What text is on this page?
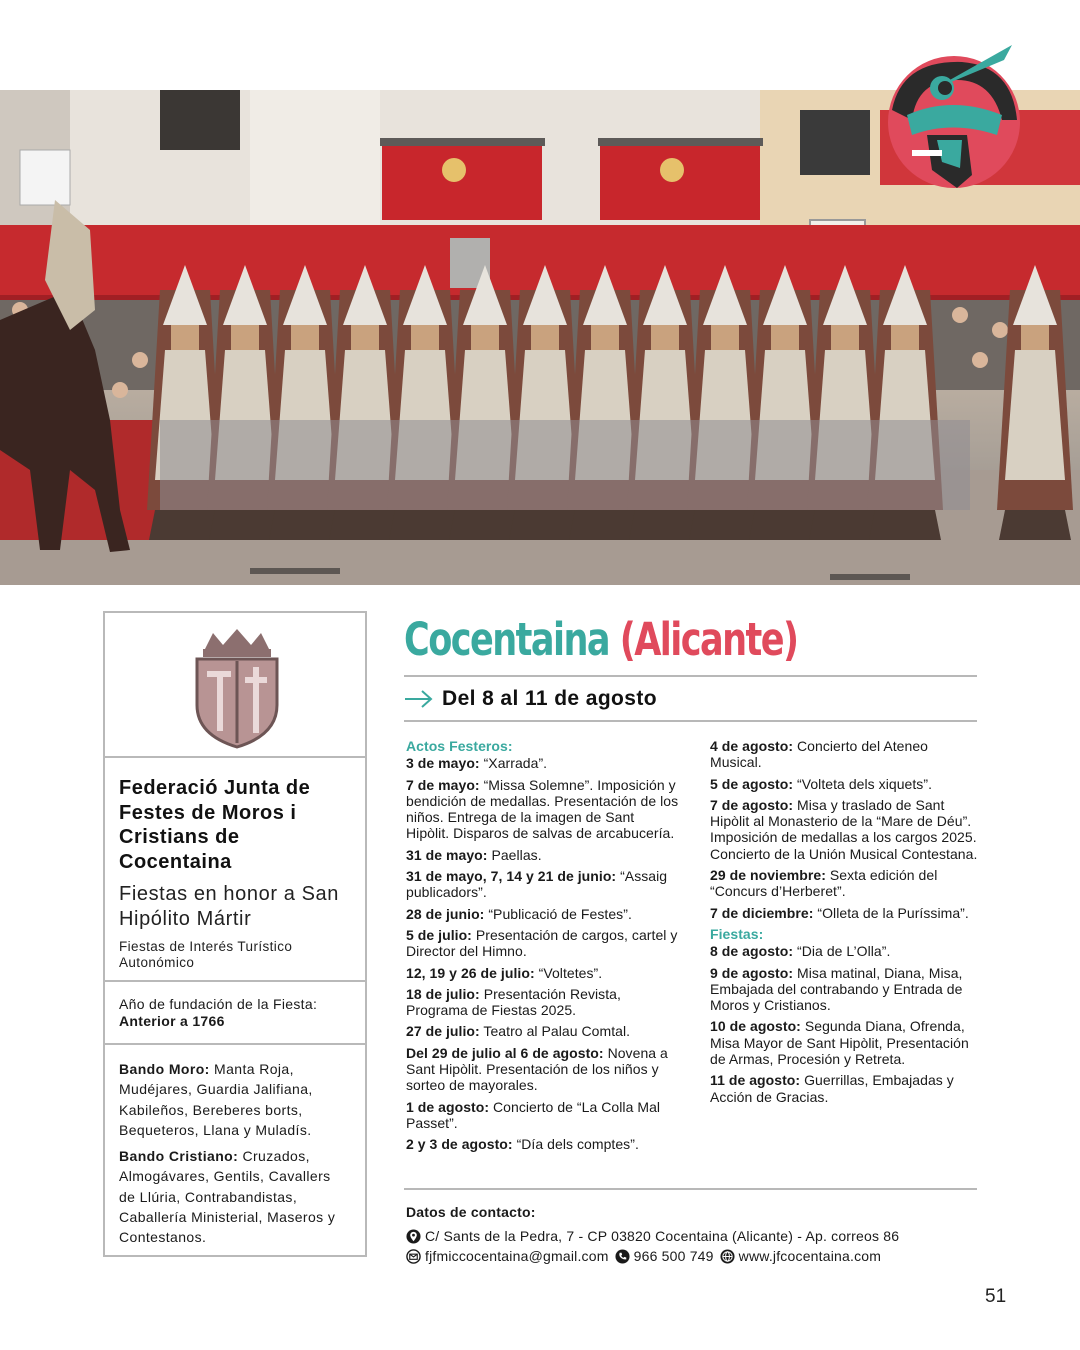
Federació Junta de Festes de Moros i Cristians de Cocentaina
Fiestas en honor a San Hipólito Mártir
Fiestas de Interés Turístico Autonómico
Año de fundación de la Fiesta: Anterior a 1766

Bando Moro: Manta Roja, Mudéjares, Guardia Jalifiana, Kabileños, Bereberes borts, Bequeteros, Llana y Muladís.

Bando Cristiano: Cruzados, Almogávares, Gentils, Cavallers de Llúria, Contrabandistas, Caballería Ministerial, Maseros y Contestanos.

Cocentaina (Alicante)
Del 8 al 11 de agosto
Actos Festeros:
3 de mayo: “Xarrada”.
7 de mayo: “Missa Solemne”. Imposición y bendición de medallas. Presentación de los niños. Entrega de la imagen de Sant Hipòlit. Disparos de salvas de arcabucería.
31 de mayo: Paellas.
31 de mayo, 7, 14 y 21 de junio: “Assaig publicadors”.
28 de junio: “Publicació de Festes”.
5 de julio: Presentación de cargos, cartel y Director del Himno.
12, 19 y 26 de julio: “Voltetes”.
18 de julio: Presentación Revista, Programa de Fiestas 2025.
27 de julio: Teatro al Palau Comtal.
Del 29 de julio al 6 de agosto: Novena a Sant Hipòlit. Presentación de los niños y sorteo de mayorales.
1 de agosto: Concierto de “La Colla Mal Passet”.
2 y 3 de agosto: “Día dels comptes”.
4 de agosto: Concierto del Ateneo Musical.
5 de agosto: “Volteta dels xiquets”.
7 de agosto: Misa y traslado de Sant Hipòlit al Monasterio de la “Mare de Déu”. Imposición de medallas a los cargos 2025. Concierto de la Unión Musical Contestana.
29 de noviembre: Sexta edición del “Concurs d’Herberet”.
7 de diciembre: “Olleta de la Puríssima”.
Fiestas:
8 de agosto: “Dia de L’Olla”.
9 de agosto: Misa matinal, Diana, Misa, Embajada del contrabando y Entrada de Moros y Cristianos.
10 de agosto: Segunda Diana, Ofrenda, Misa Mayor de Sant Hipòlit, Presentación de Armas, Procesión y Retreta.
11 de agosto: Guerrillas, Embajadas y Acción de Gracias.
Datos de contacto:
C/ Sants de la Pedra, 7 - CP 03820 Cocentaina (Alicante) - Ap. correos 86
fjfmiccocentaina@gmail.com 966 500 749 www.jfcocentaina.com
51
